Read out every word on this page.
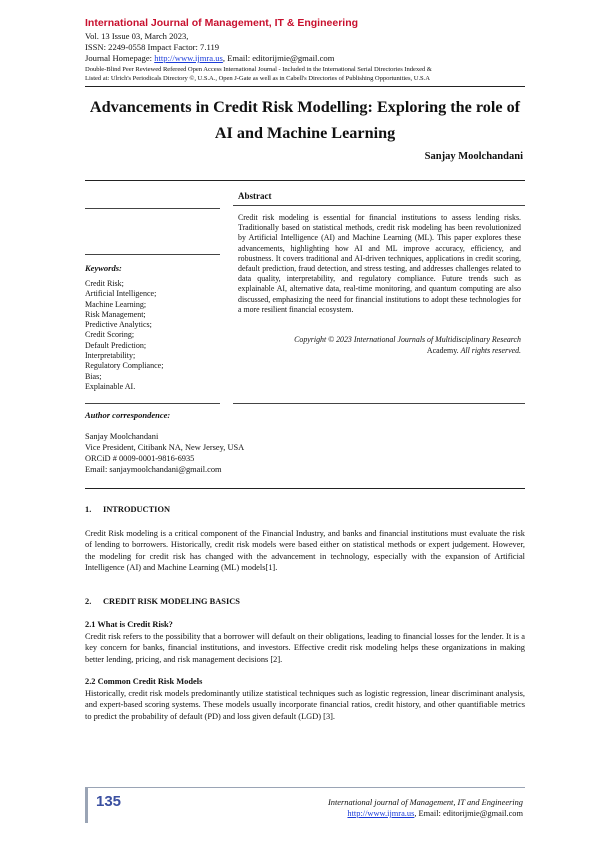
International Journal of Management, IT & Engineering
Vol. 13 Issue 03, March 2023,
ISSN: 2249-0558 Impact Factor: 7.119
Journal Homepage: http://www.ijmra.us, Email: editorijmie@gmail.com
Double-Blind Peer Reviewed Refereed Open Access International Journal - Included in the International Serial Directories Indexed &
Listed at: Ulrich's Periodicals Directory ©, U.S.A., Open J-Gate as well as in Cabell's Directories of Publishing Opportunities, U.S.A
Advancements in Credit Risk Modelling: Exploring the role of
AI and Machine Learning
Sanjay Moolchandani
Abstract
Credit risk modeling is essential for financial institutions to assess lending risks. Traditionally based on statistical methods, credit risk modeling has been revolutionized by Artificial Intelligence (AI) and Machine Learning (ML). This paper explores these advancements, highlighting how AI and ML improve accuracy, efficiency, and robustness. It covers traditional and AI-driven techniques, applications in credit scoring, default prediction, fraud detection, and stress testing, and addresses challenges related to data quality, interpretability, and regulatory compliance. Future trends such as explainable AI, alternative data, real-time monitoring, and quantum computing are also discussed, emphasizing the need for financial institutions to adopt these technologies for a more resilient financial ecosystem.
Copyright © 2023 International Journals of Multidisciplinary Research
Academy. All rights reserved.
Keywords:
Credit Risk;
Artificial Intelligence;
Machine Learning;
Risk Management;
Predictive Analytics;
Credit Scoring;
Default Prediction;
Interpretability;
Regulatory Compliance;
Bias;
Explainable AI.
Author correspondence:
Sanjay Moolchandani
Vice President, Citibank NA, New Jersey, USA
ORCiD # 0009-0001-9816-6935
Email: sanjaymoolchandani@gmail.com
1. INTRODUCTION
Credit Risk modeling is a critical component of the Financial Industry, and banks and financial institutions must evaluate the risk of lending to borrowers. Historically, credit risk models were based either on statistical methods or expert judgement. However, the modeling for credit risk has changed with the advancement in technology, especially with the expansion of Artificial Intelligence (AI) and Machine Learning (ML) models[1].
2. CREDIT RISK MODELING BASICS
2.1 What is Credit Risk?
Credit risk refers to the possibility that a borrower will default on their obligations, leading to financial losses for the lender. It is a key concern for banks, financial institutions, and investors. Effective credit risk modeling helps these organizations in making better lending, pricing, and risk management decisions [2].
2.2 Common Credit Risk Models
Historically, credit risk models predominantly utilize statistical techniques such as logistic regression, linear discriminant analysis, and expert-based scoring systems. These models usually incorporate financial ratios, credit history, and other quantifiable metrics to predict the probability of default (PD) and loss given default (LGD) [3].
135	International journal of Management, IT and Engineering
http://www.ijmra.us, Email: editorijmie@gmail.com
